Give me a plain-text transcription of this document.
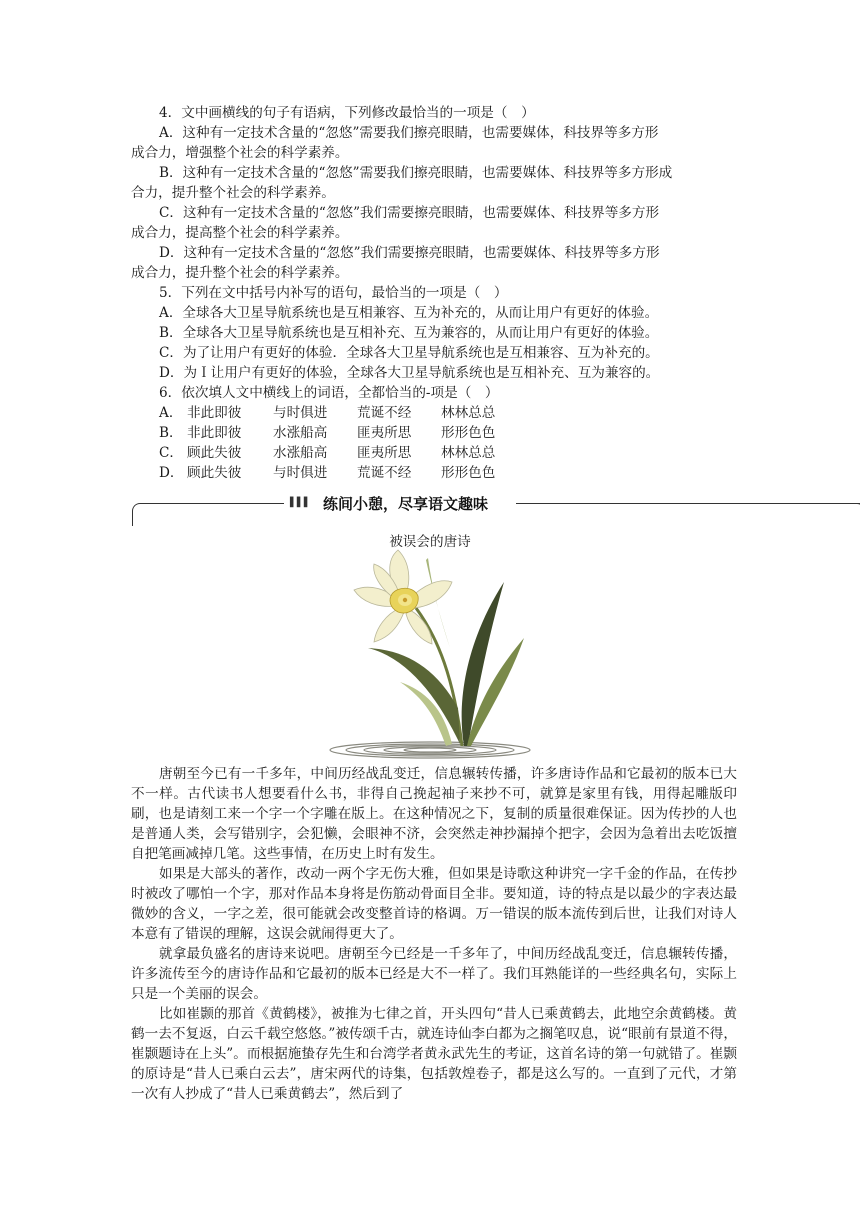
4．文中画横线的句子有语病，下列修改最恰当的一项是（　）

A．这种有一定技术含量的“忽悠”需要我们擦亮眼睛，也需要媒体，科技界等多方形

成合力，增强整个社会的科学素养。

B．这种有一定技术含量的“忽悠”需要我们擦亮眼睛，也需要媒体、科技界等多方形成

合力，提升整个社会的科学素养。

C．这种有一定技术含量的“忽悠”我们需要擦亮眼睛，也需要媒体、科技界等多方形

成合力，提高整个社会的科学素养。

D．这种有一定技术含量的“忽悠”我们需要擦亮眼睛，也需要媒体、科技界等多方形

成合力，提升整个社会的科学素养。

5．下列在文中括号内补写的语句，最恰当的一项是（　）

A．全球各大卫星导航系统也是互相兼容、互为补充的，从而让用户有更好的体验。

B．全球各大卫星导航系统也是互相补充、互为兼容的，从而让用户有更好的体验。

C．为了让用户有更好的体验．全球各大卫星导航系统也是互相兼容、互为补充的。

D．为Ｉ让用户有更好的体验，全球各大卫星导航系统也是互相补充、互为兼容的。

6．依次填人文中横线上的词语，全都恰当的-项是（　）

A． 非此即彼	与时俱进	荒诞不经	林林总总
B． 非此即彼	水涨船高	匪夷所思	形形色色
C． 顾此失彼	水涨船高	匪夷所思	林林总总
D． 顾此失彼	与时俱进	荒诞不经	形形色色
▌▌▌ 练间小憩，尽享语文趣味
被误会的唐诗

唐朝至今已有一千多年，中间历经战乱变迁，信息辗转传播，许多唐诗作品和它最初的版本已大不一样。古代读书人想要看什么书，非得自己挽起袖子来抄不可，就算是家里有钱，用得起雕版印刷，也是请刻工来一个字一个字雕在版上。在这种情况之下，复制的质量很难保证。因为传抄的人也是普通人类，会写错别字，会犯懒，会眼神不济，会突然走神抄漏掉个把字，会因为急着出去吃饭擅自把笔画减掉几笔。这些事情，在历史上时有发生。

如果是大部头的著作，改动一两个字无伤大雅，但如果是诗歌这种讲究一字千金的作品，在传抄时被改了哪怕一个字，那对作品本身将是伤筋动骨面目全非。要知道，诗的特点是以最少的字表达最微妙的含义，一字之差，很可能就会改变整首诗的格调。万一错误的版本流传到后世，让我们对诗人本意有了错误的理解，这误会就闹得更大了。

就拿最负盛名的唐诗来说吧。唐朝至今已经是一千多年了，中间历经战乱变迁，信息辗转传播，许多流传至今的唐诗作品和它最初的版本已经是大不一样了。我们耳熟能详的一些经典名句，实际上只是一个美丽的误会。

比如崔颢的那首《黄鹤楼》，被推为七律之首，开头四句“昔人已乘黄鹤去，此地空余黄鹤楼。黄鹤一去不复返，白云千载空悠悠。”被传颂千古，就连诗仙李白都为之搁笔叹息，说“眼前有景道不得，崔颢题诗在上头”。而根据施蛰存先生和台湾学者黄永武先生的考证，这首名诗的第一句就错了。崔颢的原诗是“昔人已乘白云去”，唐宋两代的诗集，包括敦煌卷子，都是这么写的。一直到了元代，才第一次有人抄成了“昔人已乘黄鹤去”，然后到了
